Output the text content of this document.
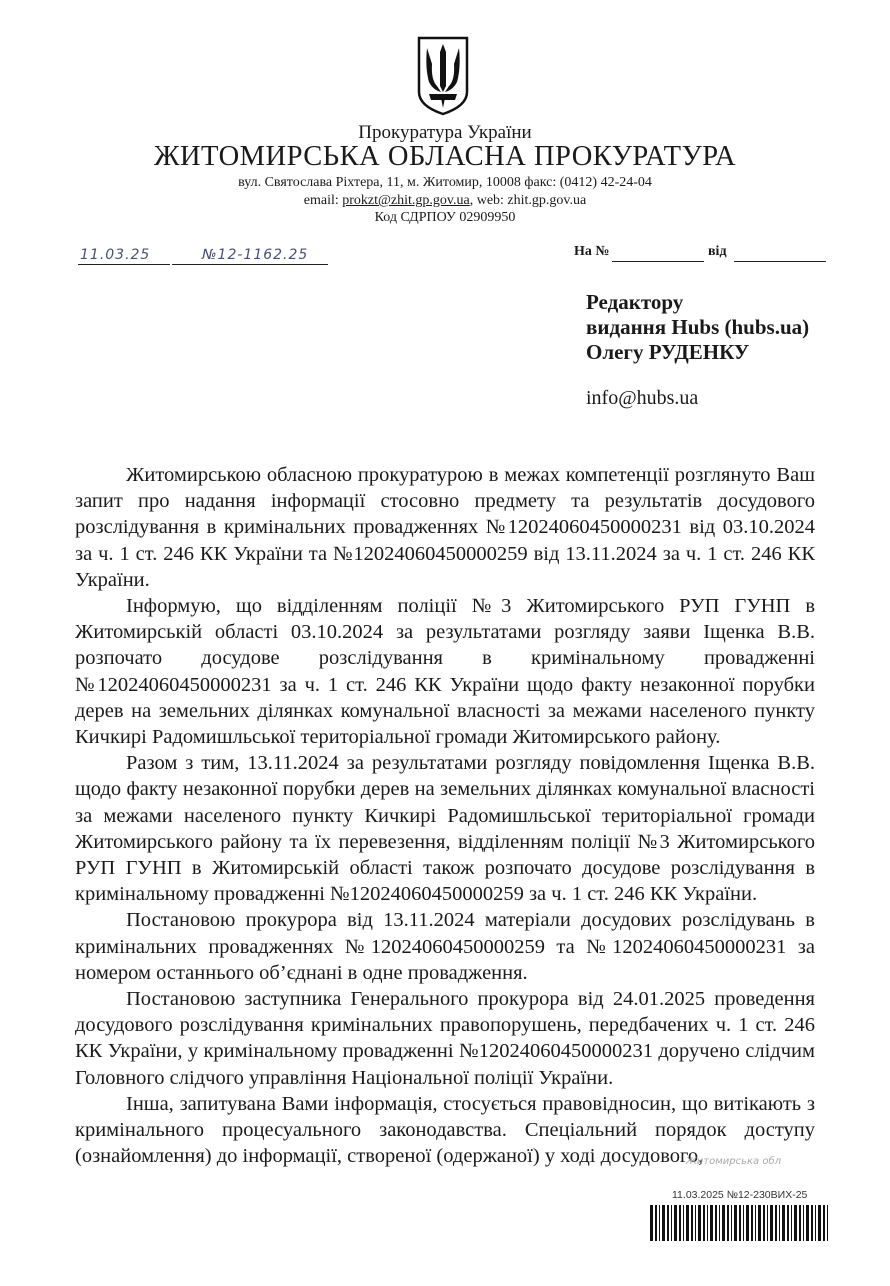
Прокуратура України
ЖИТОМИРСЬКА ОБЛАСНА ПРОКУРАТУРА
вул. Святослава Ріхтера, 11, м. Житомир, 10008 факс: (0412) 42-24-04
email: prokzt@zhit.gp.gov.ua, web: zhit.gp.gov.ua
Код СДРПОУ 02909950
11.03.25	№12-1162.25	На №	від
Редактору
видання Hubs (hubs.ua)
Олегу РУДЕНКУ
info@hubs.ua

Житомирською обласною прокуратурою в межах компетенції розглянуто Ваш запит про надання інформації стосовно предмету та результатів досудового розслідування в кримінальних провадженнях №12024060450000231 від 03.10.2024 за ч. 1 ст. 246 КК України та №12024060450000259 від 13.11.2024 за ч. 1 ст. 246 КК України.

Інформую, що відділенням поліції №3 Житомирського РУП ГУНП в Житомирській області 03.10.2024 за результатами розгляду заяви Іщенка В.В. розпочато досудове розслідування в кримінальному провадженні №12024060450000231 за ч. 1 ст. 246 КК України щодо факту незаконної порубки дерев на земельних ділянках комунальної власності за межами населеного пункту Кичкирі Радомишльської територіальної громади Житомирського району.

Разом з тим, 13.11.2024 за результатами розгляду повідомлення Іщенка В.В. щодо факту незаконної порубки дерев на земельних ділянках комунальної власності за межами населеного пункту Кичкирі Радомишльської територіальної громади Житомирського району та їх перевезення, відділенням поліції №3 Житомирського РУП ГУНП в Житомирській області також розпочато досудове розслідування в кримінальному провадженні №12024060450000259 за ч. 1 ст. 246 КК України.

Постановою прокурора від 13.11.2024 матеріали досудових розслідувань в кримінальних провадженнях №12024060450000259 та №12024060450000231 за номером останнього об’єднані в одне провадження.

Постановою заступника Генерального прокурора від 24.01.2025 проведення досудового розслідування кримінальних правопорушень, передбачених ч. 1 ст. 246 КК України, у кримінальному провадженні №12024060450000231 доручено слідчим Головного слідчого управління Національної поліції України.

Інша, запитувана Вами інформація, стосується правовідносин, що витікають з кримінального процесуального законодавства. Спеціальний порядок доступу (ознайомлення) до інформації, створеної (одержаної) у ході досудового,

Житомирська обл
11.03.2025 №12-230ВИХ-25
